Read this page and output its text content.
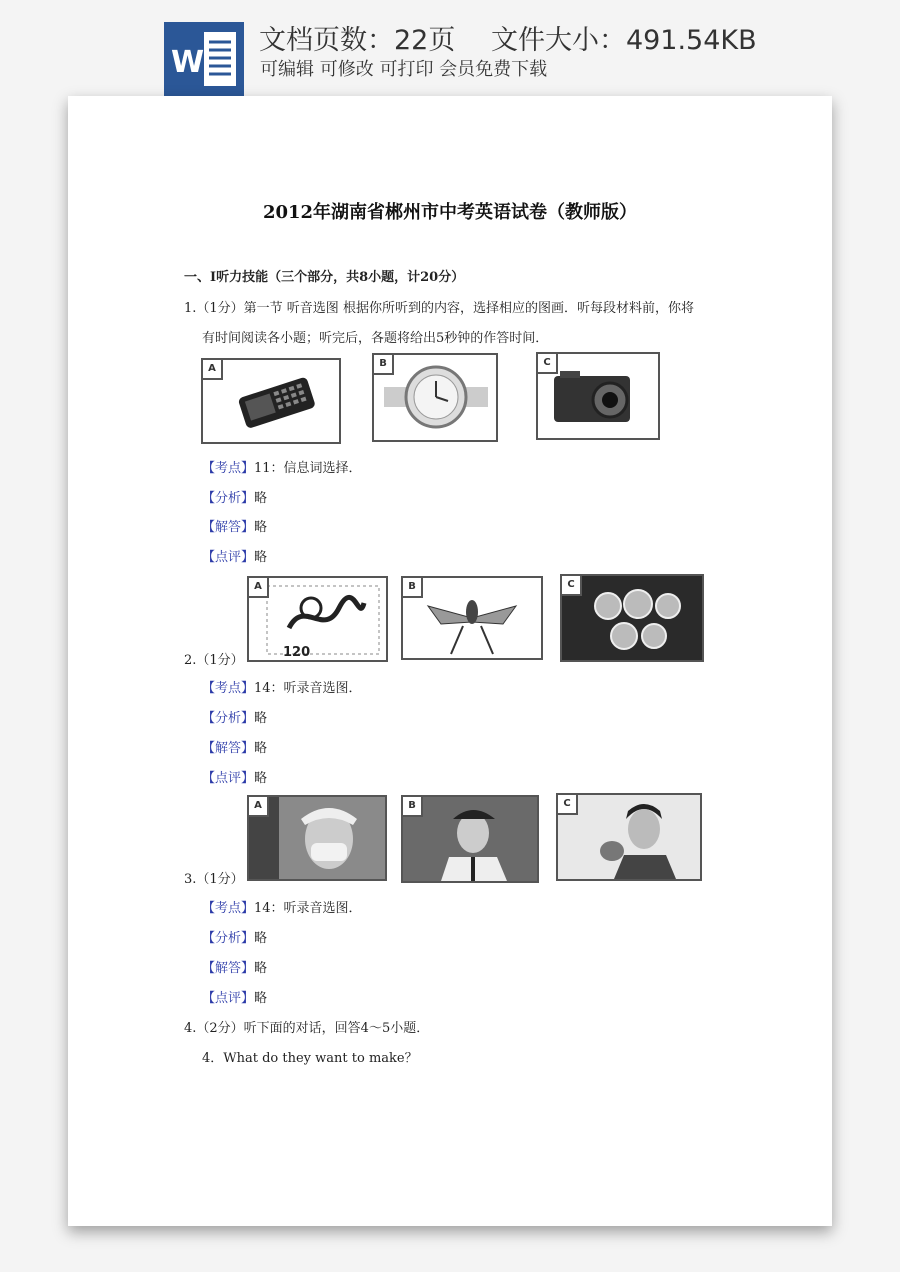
W
文档页数：22页　 文件大小：491.54KB
可编辑 可修改 可打印 会员免费下载
2012年湖南省郴州市中考英语试卷（教师版）
一、Ⅰ听力技能（三个部分，共8小题，计20分）
1.（1分）第一节 听音选图 根据你所听到的内容，选择相应的图画．听每段材料前，你将
有时间阅读各小题；听完后，各题将给出5秒钟的作答时间．
A	B	C
【考点】11：信息词选择．
【分析】略
【解答】略
【点评】略
120
A	B	C
2.（1分）
【考点】14：听录音选图．
【分析】略
【解答】略
【点评】略
A	B	C
3.（1分）
【考点】14：听录音选图．
【分析】略
【解答】略
【点评】略
4.（2分）听下面的对话，回答4～5小题．
4．What do they want to make？
